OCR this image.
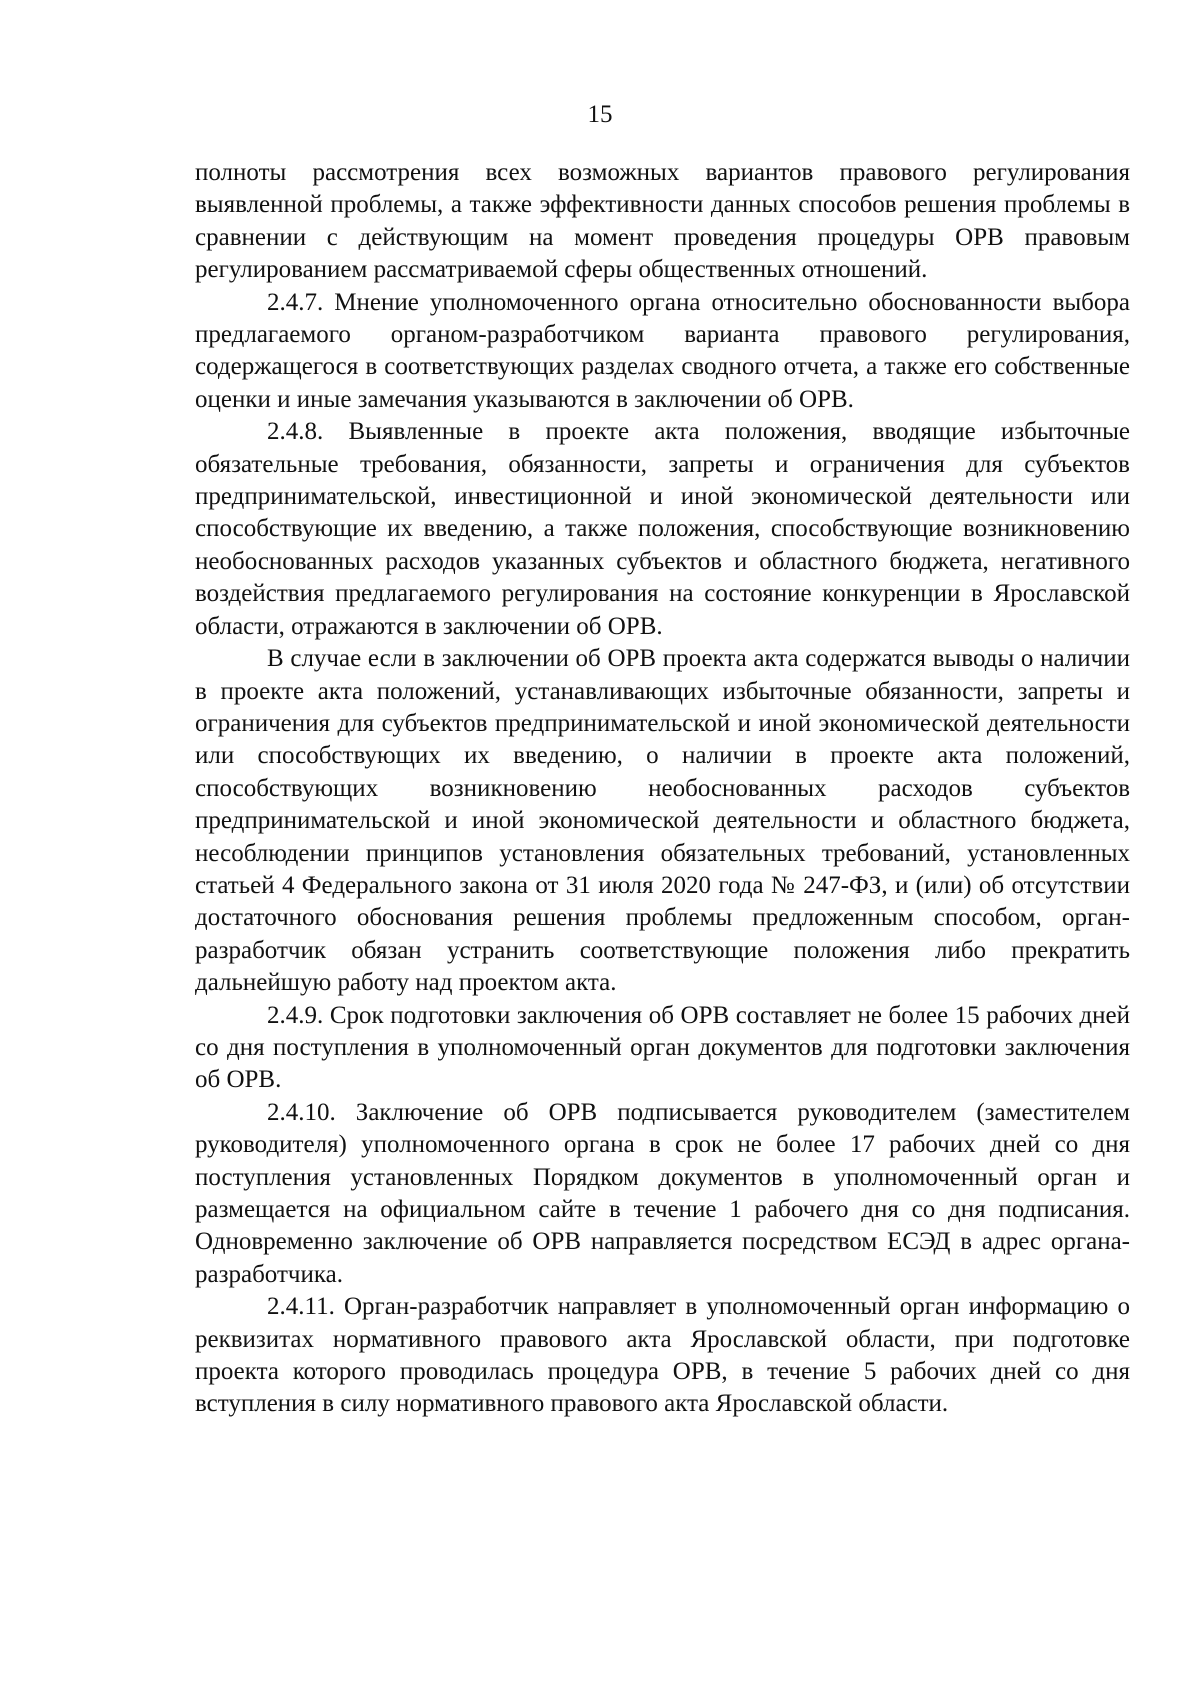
15

полноты рассмотрения всех возможных вариантов правового регулирования выявленной проблемы, а также эффективности данных способов решения проблемы в сравнении с действующим на момент проведения процедуры ОРВ правовым регулированием рассматриваемой сферы общественных отношений.

2.4.7. Мнение уполномоченного органа относительно обоснованности выбора предлагаемого органом-разработчиком варианта правового регулирования, содержащегося в соответствующих разделах сводного отчета, а также его собственные оценки и иные замечания указываются в заключении об ОРВ.

2.4.8. Выявленные в проекте акта положения, вводящие избыточные обязательные требования, обязанности, запреты и ограничения для субъектов предпринимательской, инвестиционной и иной экономической деятельности или способствующие их введению, а также положения, способствующие возникновению необоснованных расходов указанных субъектов и областного бюджета, негативного воздействия предлагаемого регулирования на состояние конкуренции в Ярославской области, отражаются в заключении об ОРВ.

В случае если в заключении об ОРВ проекта акта содержатся выводы о наличии в проекте акта положений, устанавливающих избыточные обязанности, запреты и ограничения для субъектов предпринимательской и иной экономической деятельности или способствующих их введению, о наличии в проекте акта положений, способствующих возникновению необоснованных расходов субъектов предпринимательской и иной экономической деятельности и областного бюджета, несоблюдении принципов установления обязательных требований, установленных статьей 4 Федерального закона от 31 июля 2020 года № 247-ФЗ, и (или) об отсутствии достаточного обоснования решения проблемы предложенным способом, орган-разработчик обязан устранить соответствующие положения либо прекратить дальнейшую работу над проектом акта.

2.4.9. Срок подготовки заключения об ОРВ составляет не более 15 рабочих дней со дня поступления в уполномоченный орган документов для подготовки заключения об ОРВ.

2.4.10. Заключение об ОРВ подписывается руководителем (заместителем руководителя) уполномоченного органа в срок не более 17 рабочих дней со дня поступления установленных Порядком документов в уполномоченный орган и размещается на официальном сайте в течение 1 рабочего дня со дня подписания. Одновременно заключение об ОРВ направляется посредством ЕСЭД в адрес органа-разработчика.

2.4.11. Орган-разработчик направляет в уполномоченный орган информацию о реквизитах нормативного правового акта Ярославской области, при подготовке проекта которого проводилась процедура ОРВ, в течение 5 рабочих дней со дня вступления в силу нормативного правового акта Ярославской области.
